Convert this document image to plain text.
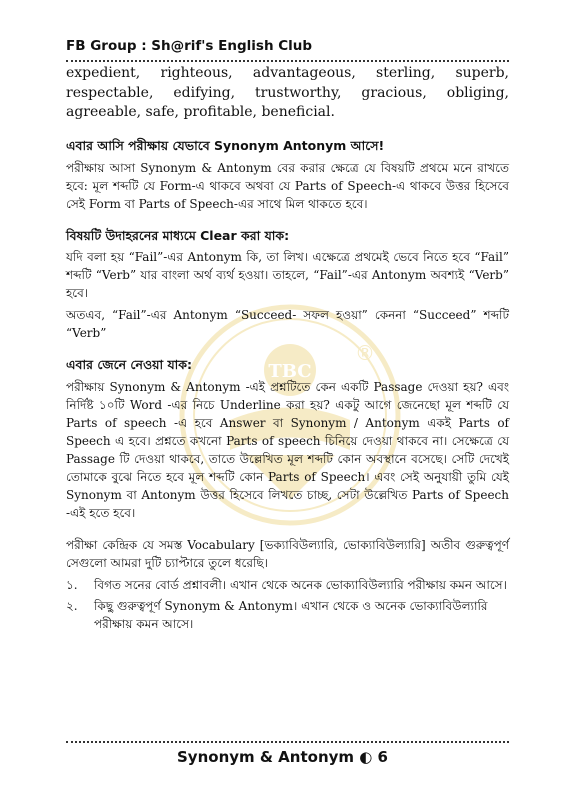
FB Group : Sh@rif's English Club
TBC
®

expedient, righteous, advantageous, sterling, superb, respectable, edifying, trustworthy, gracious, obliging, agreeable, safe, profitable, beneficial.

এবার আসি পরীক্ষায় যেভাবে Synonym Antonym আসে!

পরীক্ষায় আসা Synonym & Antonym বের করার ক্ষেত্রে যে বিষয়টি প্রথমে মনে রাখতে হবে: মূল শব্দটি যে Form-এ থাকবে অথবা যে Parts of Speech-এ থাকবে উত্তর হিসেবে সেই Form বা Parts of Speech-এর সাথে মিল থাকতে হবে।

বিষয়টি উদাহরনের মাধ্যমে Clear করা যাক:

যদি বলা হয় “Fail”-এর Antonym কি, তা লিখ। এক্ষেত্রে প্রথমেই ভেবে নিতে হবে “Fail” শব্দটি “Verb” যার বাংলা অর্থ ব্যর্থ হওয়া। তাহলে, “Fail”-এর Antonym অবশ্যই “Verb” হবে।

অতএব, “Fail”-এর Antonym “Succeed- সফল হওয়া” কেননা “Succeed” শব্দটি “Verb”

এবার জেনে নেওয়া যাক:

পরীক্ষায় Synonym & Antonym -এই প্রশ্নটিতে কেন একটি Passage দেওয়া হয়? এবং নির্দিষ্ট ১০টি Word -এর নিচে Underline করা হয়? একটু আগে জেনেছো মূল শব্দটি যে Parts of speech -এ হবে Answer বা Synonym / Antonym একই Parts of Speech এ হবে। প্রশ্নতে কখনো Parts of speech চিনিয়ে দেওয়া থাকবে না। সেক্ষেত্রে যে Passage টি দেওয়া থাকবে, তাতে উল্লেখিত মূল শব্দটি কোন অবস্থানে বসেছে। সেটি দেখেই তোমাকে বুঝে নিতে হবে মূল শব্দটি কোন Parts of Speech। এবং সেই অনুযায়ী তুমি যেই Synonym বা Antonym উত্তর হিসেবে লিখতে চাচ্ছ, সেটা উল্লেখিত Parts of Speech -এই হতে হবে।

পরীক্ষা কেন্দ্রিক যে সমস্ত Vocabulary [ভক্যাবিউল্যারি, ভোক্যাবিউল্যারি] অতীব গুরুত্বপূর্ণ সেগুলো আমরা দুটি চ্যাপ্টারে তুলে ধরেছি।

১.	বিগত সনের বোর্ড প্রশ্নাবলী। এখান থেকে অনেক ভোক্যাবিউল্যারি পরীক্ষায় কমন আসে।
২.	কিছু গুরুত্বপূর্ণ Synonym & Antonym। এখান থেকে ও অনেক ভোক্যাবিউল্যারি পরীক্ষায় কমন আসে।
Synonym & Antonym ◐ 6
